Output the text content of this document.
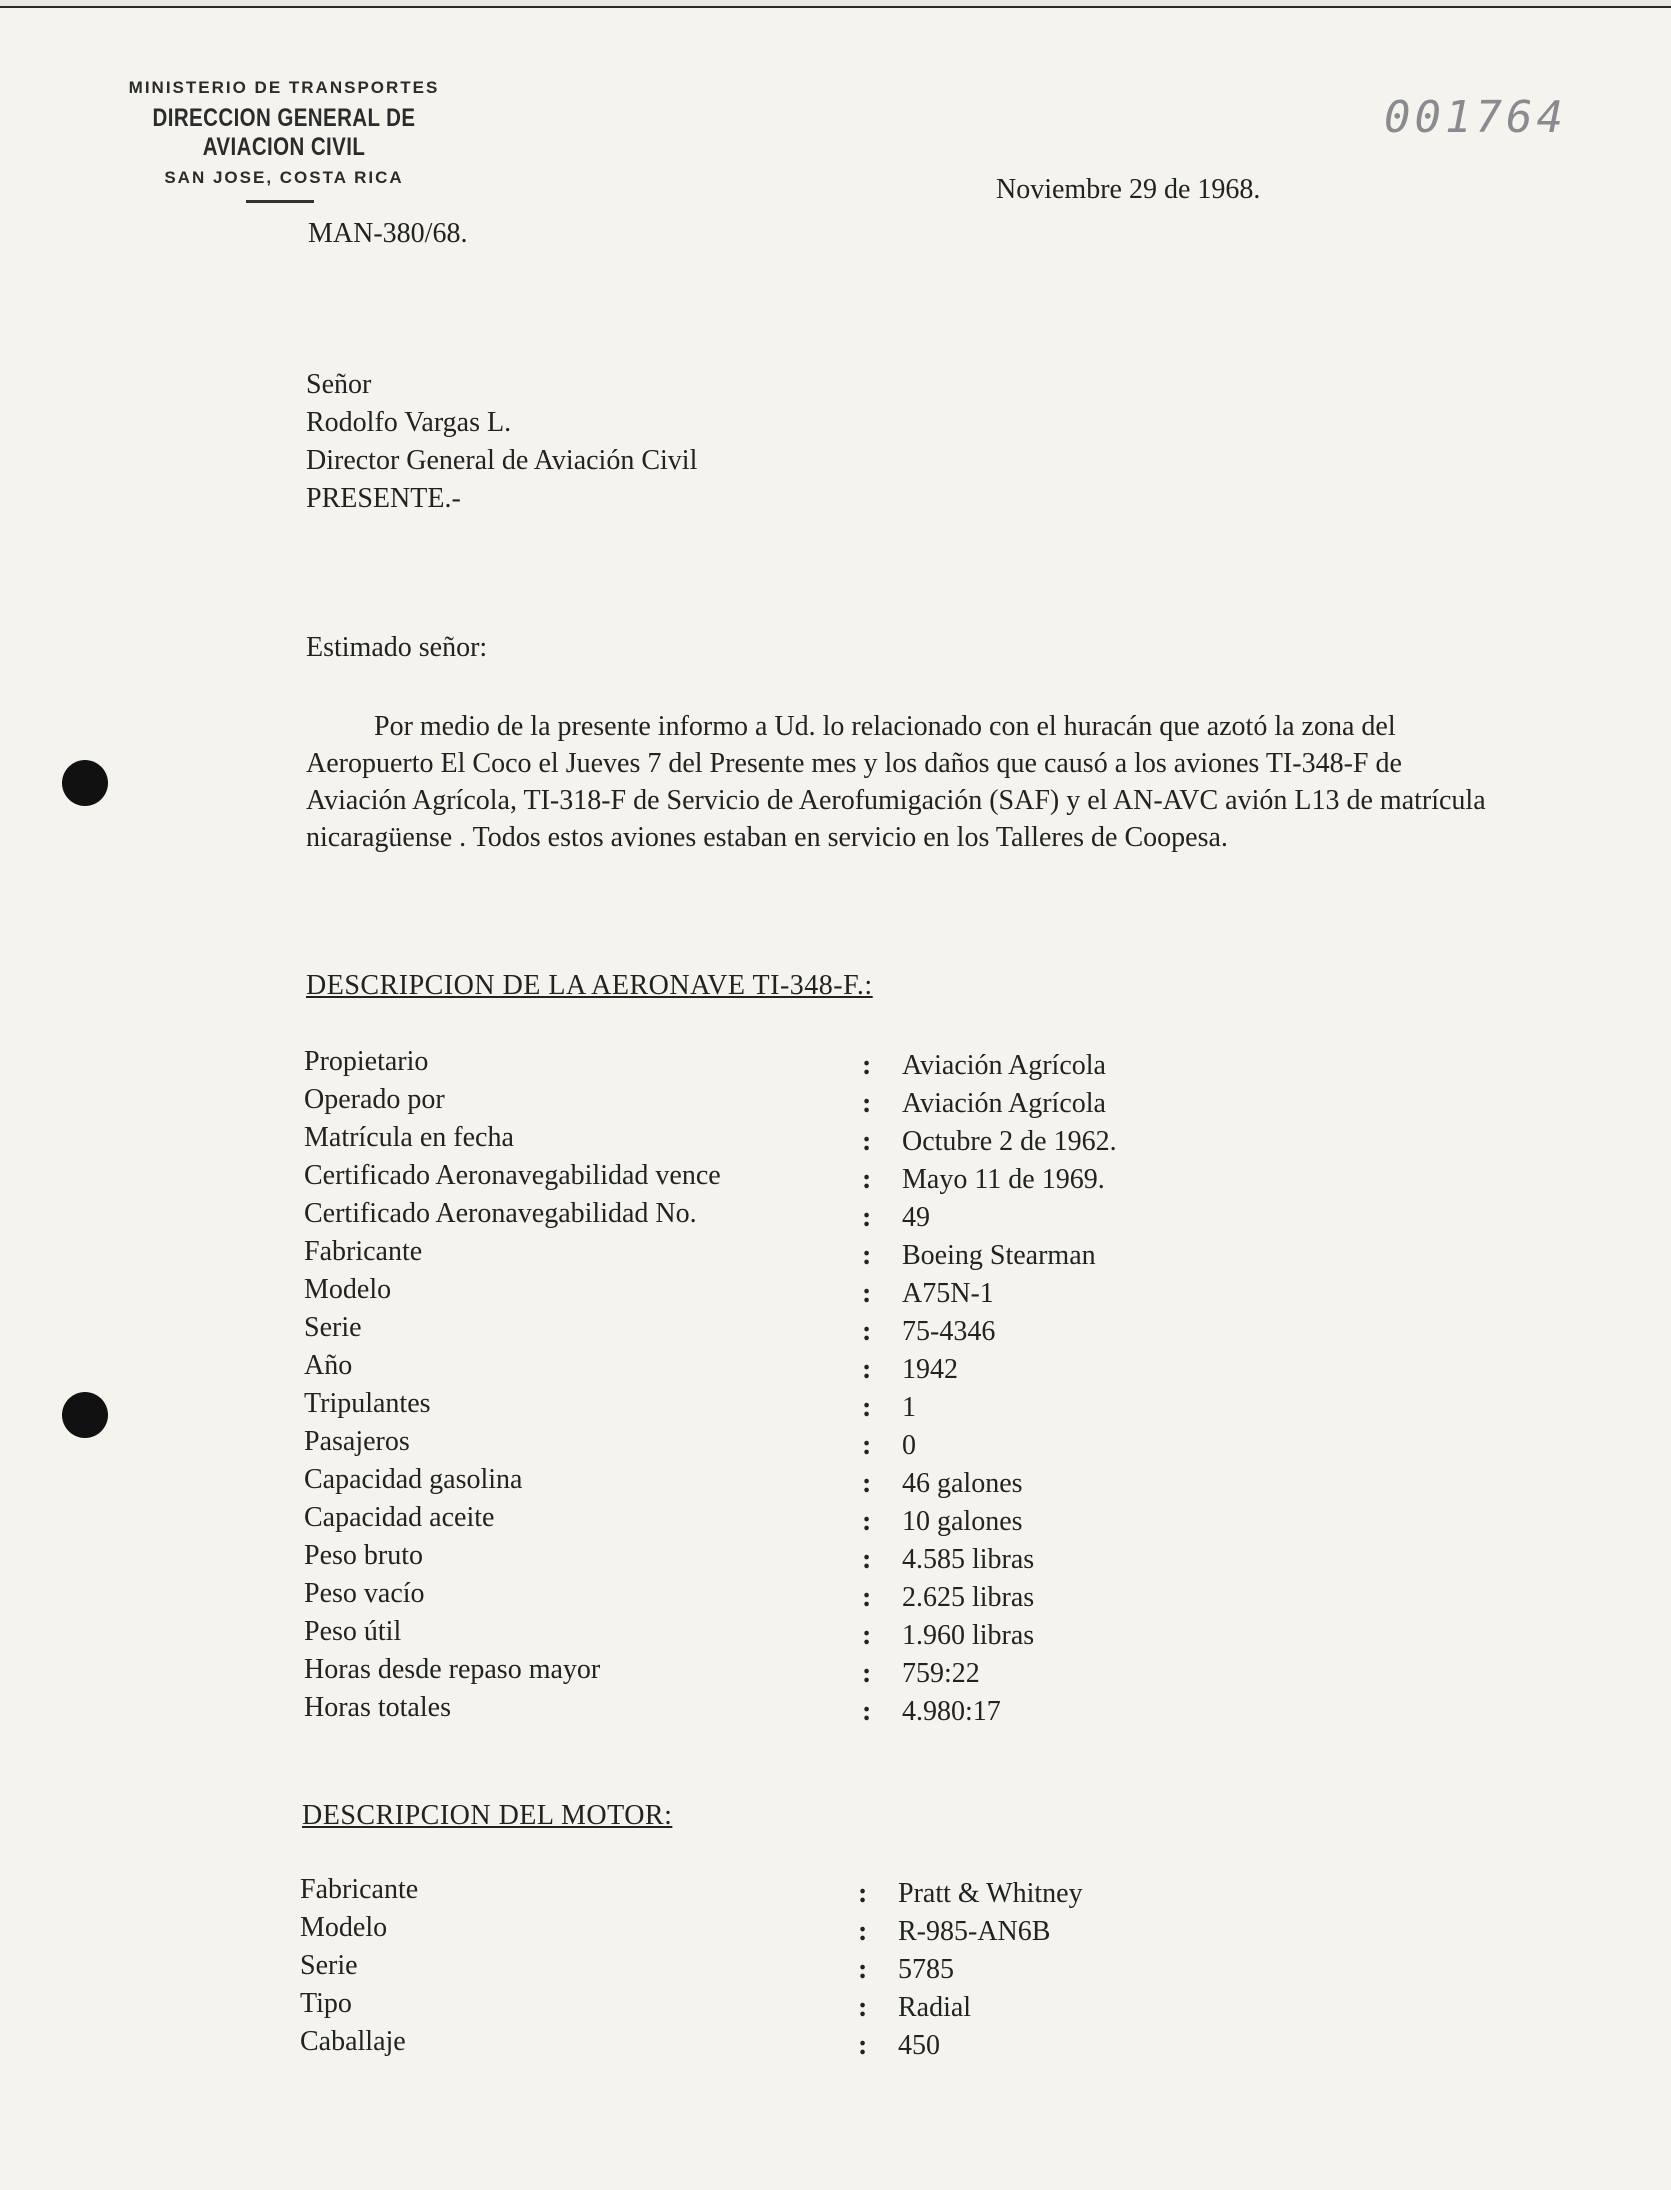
MINISTERIO DE TRANSPORTES
DIRECCION GENERAL DE AVIACION CIVIL
SAN JOSE, COSTA RICA
001764
Noviembre 29 de 1968.
MAN-380/68.
Señor
Rodolfo Vargas L.
Director General de Aviación Civil
PRESENTE.-
Estimado señor:
Por medio de la presente informo a Ud. lo relacionado con el huracán que azotó la zona del Aeropuerto El Coco el Jueves 7 del Presente mes y los daños que causó a los aviones TI-348-F de Aviación Agrícola, TI-318-F de Servicio de Aerofumigación (SAF) y el AN-AVC avión L13 de matrícula nicaragüense . Todos estos aviones estaban en servicio en los Talleres de Coopesa.
DESCRIPCION DE LA AERONAVE TI-348-F.:
Propietario	: Aviación Agrícola
Operado por	: Aviación Agrícola
Matrícula en fecha	: Octubre 2 de 1962.
Certificado Aeronavegabilidad vence	: Mayo 11 de 1969.
Certificado Aeronavegabilidad No.	: 49
Fabricante	: Boeing Stearman
Modelo	: A75N-1
Serie	: 75-4346
Año	: 1942
Tripulantes	: 1
Pasajeros	: 0
Capacidad gasolina	: 46 galones
Capacidad aceite	: 10 galones
Peso bruto	: 4.585 libras
Peso vacío	: 2.625 libras
Peso útil	: 1.960 libras
Horas desde repaso mayor	: 759:22
Horas totales	: 4.980:17
DESCRIPCION DEL MOTOR:
Fabricante	: Pratt & Whitney
Modelo	: R-985-AN6B
Serie	: 5785
Tipo	: Radial
Caballaje	: 450
